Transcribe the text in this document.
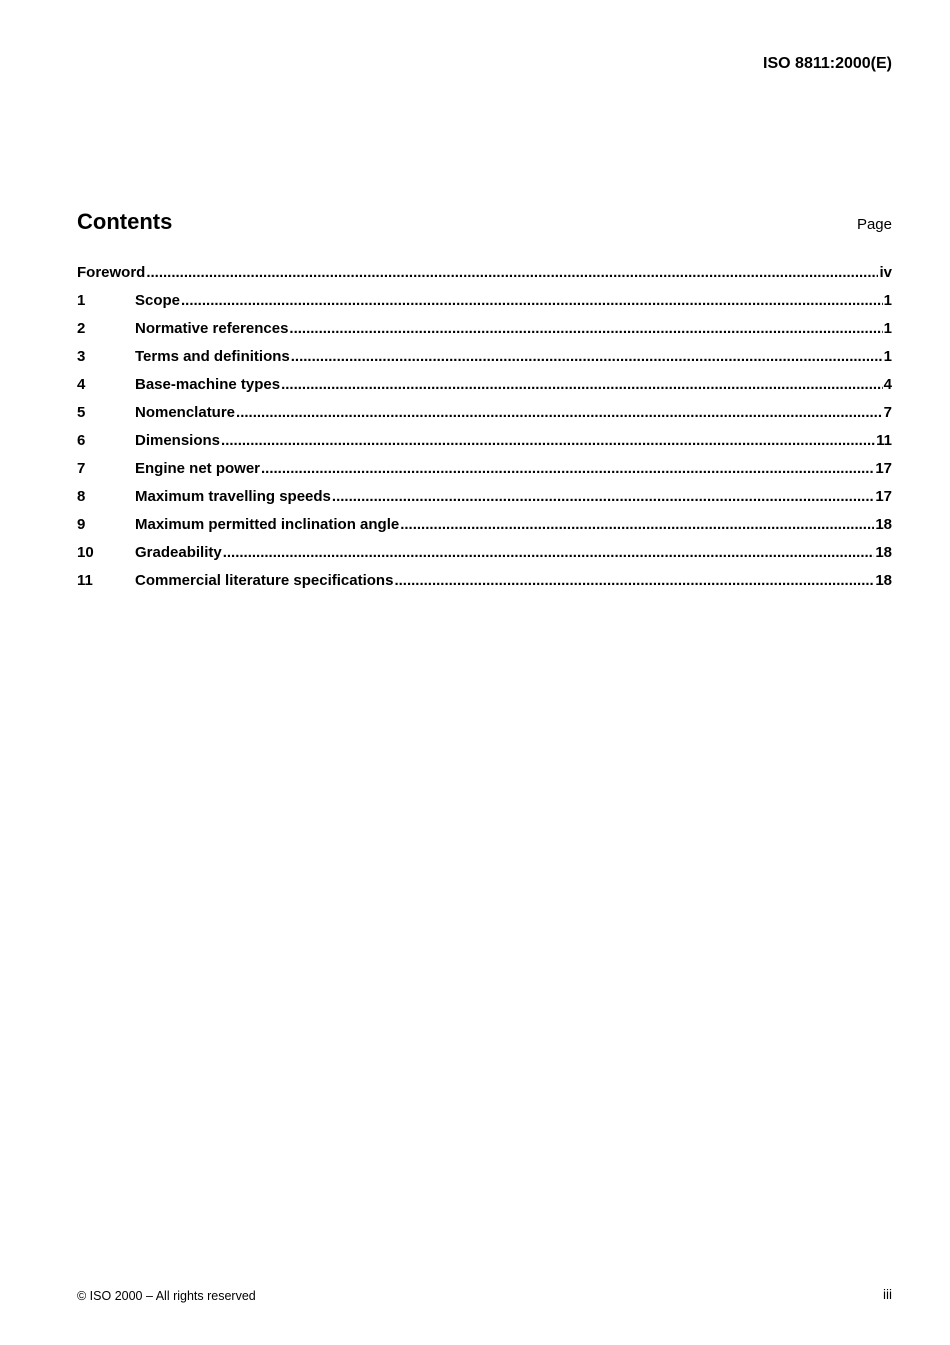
ISO 8811:2000(E)
Contents	Page
Foreword .....	iv
1	Scope .....	1
2	Normative references .....	1
3	Terms and definitions .....	1
4	Base-machine types .....	4
5	Nomenclature .....	7
6	Dimensions .....	11
7	Engine net power .....	17
8	Maximum travelling speeds .....	17
9	Maximum permitted inclination angle .....	18
10	Gradeability .....	18
11	Commercial literature specifications .....	18
© ISO 2000 – All rights reserved	iii
